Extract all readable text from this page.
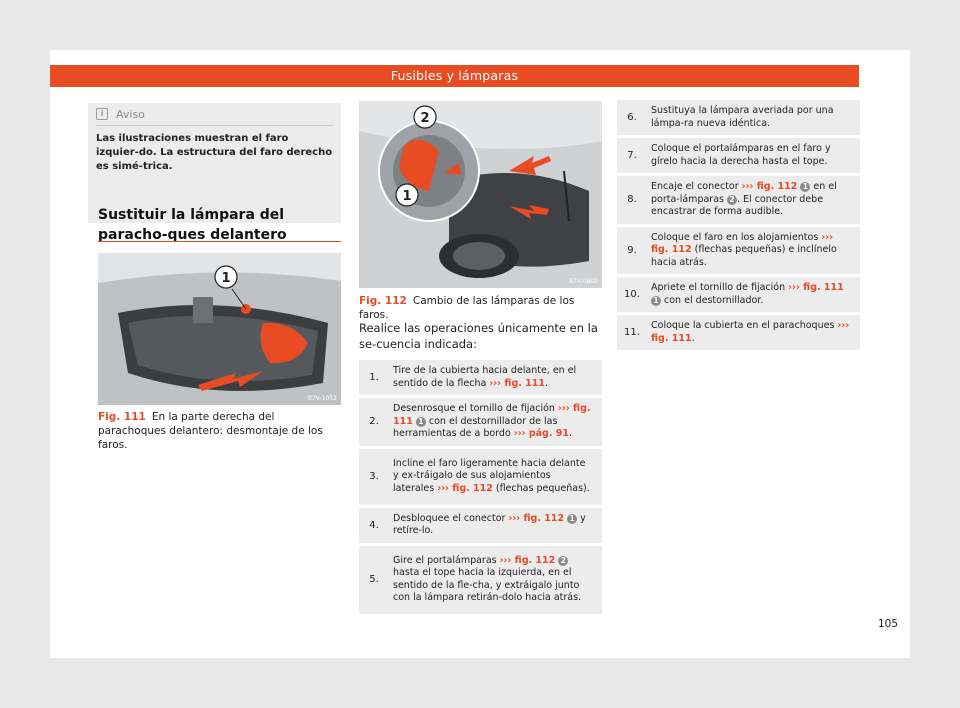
Fusibles y lámparas
i	Aviso
Las ilustraciones muestran el faro izquier-do. La estructura del faro derecho es simé-trica.
Sustituir la lámpara del paracho-ques delantero
1
B7V-1052
Fig. 111 En la parte derecha del parachoques delantero: desmontaje de los faros.
2
1
B7V-0902
Fig. 112 Cambio de las lámparas de los faros.
Realice las operaciones únicamente en la se-cuencia indicada:
1.
Tire de la cubierta hacia delante, en el sentido de la flecha ››› fig. 111.
2.
Desenrosque el tornillo de fijación ››› fig. 111 1 con el destornillador de las herramientas de a bordo ››› pág. 91.
3.
Incline el faro ligeramente hacia delante y ex-tráigalo de sus alojamientos laterales ››› fig. 112 (flechas pequeñas).
4.
Desbloquee el conector ››› fig. 112 1 y retíre-lo.
5.
Gire el portalámparas ››› fig. 112 2 hasta el tope hacia la izquierda, en el sentido de la fle-cha, y extráigalo junto con la lámpara retirán-dolo hacia atrás.
6.
Sustituya la lámpara averiada por una lámpa-ra nueva idéntica.
7.
Coloque el portalámparas en el faro y gírelo hacia la derecha hasta el tope.
8.
Encaje el conector ››› fig. 112 1 en el porta-lámparas 2 . El conector debe encastrar de forma audible.
9.
Coloque el faro en los alojamientos ››› fig. 112 (flechas pequeñas) e inclínelo hacia atrás.
10.
Apriete el tornillo de fijación ››› fig. 111 1 con el destornillador.
11.
Coloque la cubierta en el parachoques ››› fig. 111.
105
